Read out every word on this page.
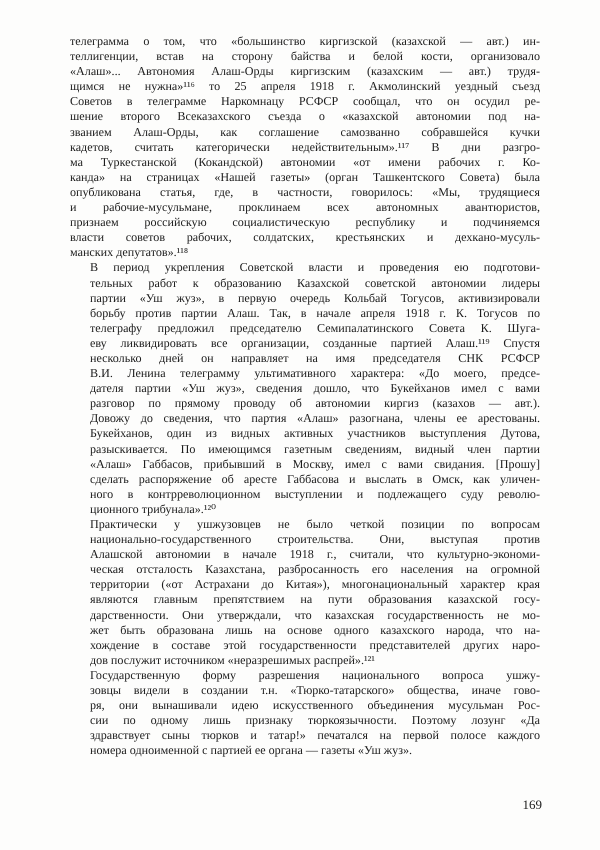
телеграмма о том, что «большинство киргизской (казахской — авт.) ин-
теллигенции, встав на сторону байства и белой кости, организовало
«Алаш»... Автономия Алаш-Орды киргизским (казахским — авт.) трудя-
щимся не нужна»¹¹⁶ то 25 апреля 1918 г. Акмолинский уездный съезд
Советов в телеграмме Наркомнацу РСФСР сообщал, что он осудил ре-
шение второго Всеказахского съезда о «казахской автономии под на-
званием Алаш-Орды, как соглашение самозванно собравшейся кучки
кадетов, считать категорически недействительным».¹¹⁷ В дни разгро-
ма Туркестанской (Кокандской) автономии «от имени рабочих г. Ко-
канда» на страницах «Нашей газеты» (орган Ташкентского Совета) была
опубликована статья, где, в частности, говорилось: «Мы, трудящиеся
и рабочие-мусульмане, проклинаем всех автономных авантюристов,
признаем российскую социалистическую республику и подчиняемся
власти советов рабочих, солдатских, крестьянских и дехкано-мусуль-
манских депутатов».¹¹⁸

В период укрепления Советской власти и проведения ею подготови-
тельных работ к образованию Казахской советской автономии лидеры
партии «Уш жуз», в первую очередь Кольбай Тогусов, активизировали
борьбу против партии Алаш. Так, в начале апреля 1918 г. К. Тогусов по
телеграфу предложил председателю Семипалатинского Совета К. Шуга-
еву ликвидировать все организации, созданные партией Алаш.¹¹⁹ Спустя
несколько дней он направляет на имя председателя СНК РСФСР
В.И. Ленина телеграмму ультимативного характера: «До моего, предсе-
дателя партии «Уш жуз», сведения дошло, что Букейханов имел с вами
разговор по прямому проводу об автономии киргиз (казахов — авт.).
Довожу до сведения, что партия «Алаш» разогнана, члены ее арестованы.
Букейханов, один из видных активных участников выступления Дутова,
разыскивается. По имеющимся газетным сведениям, видный член партии
«Алаш» Габбасов, прибывший в Москву, имел с вами свидания. [Прошу]
сделать распоряжение об аресте Габбасова и выслать в Омск, как уличен-
ного в контрреволюционном выступлении и подлежащего суду револю-
ционного трибунала».¹²⁰

Практически у ушжузовцев не было четкой позиции по вопросам
национально-государственного строительства. Они, выступая против
Алашской автономии в начале 1918 г., считали, что культурно-экономи-
ческая отсталость Казахстана, разбросанность его населения на огромной
территории («от Астрахани до Китая»), многонациональный характер края
являются главным препятствием на пути образования казахской госу-
дарственности. Они утверждали, что казахская государственность не мо-
жет быть образована лишь на основе одного казахского народа, что на-
хождение в составе этой государственности представителей других наро-
дов послужит источником «неразрешимых распрей».¹²¹

Государственную форму разрешения национального вопроса ушжу-
зовцы видели в создании т.н. «Тюрко-татарского» общества, иначе гово-
ря, они вынашивали идею искусственного объединения мусульман Рос-
сии по одному лишь признаку тюркоязычности. Поэтому лозунг «Да
здравствует сыны тюрков и татар!» печатался на первой полосе каждого
номера одноименной с партией ее органа — газеты «Уш жуз».

169
